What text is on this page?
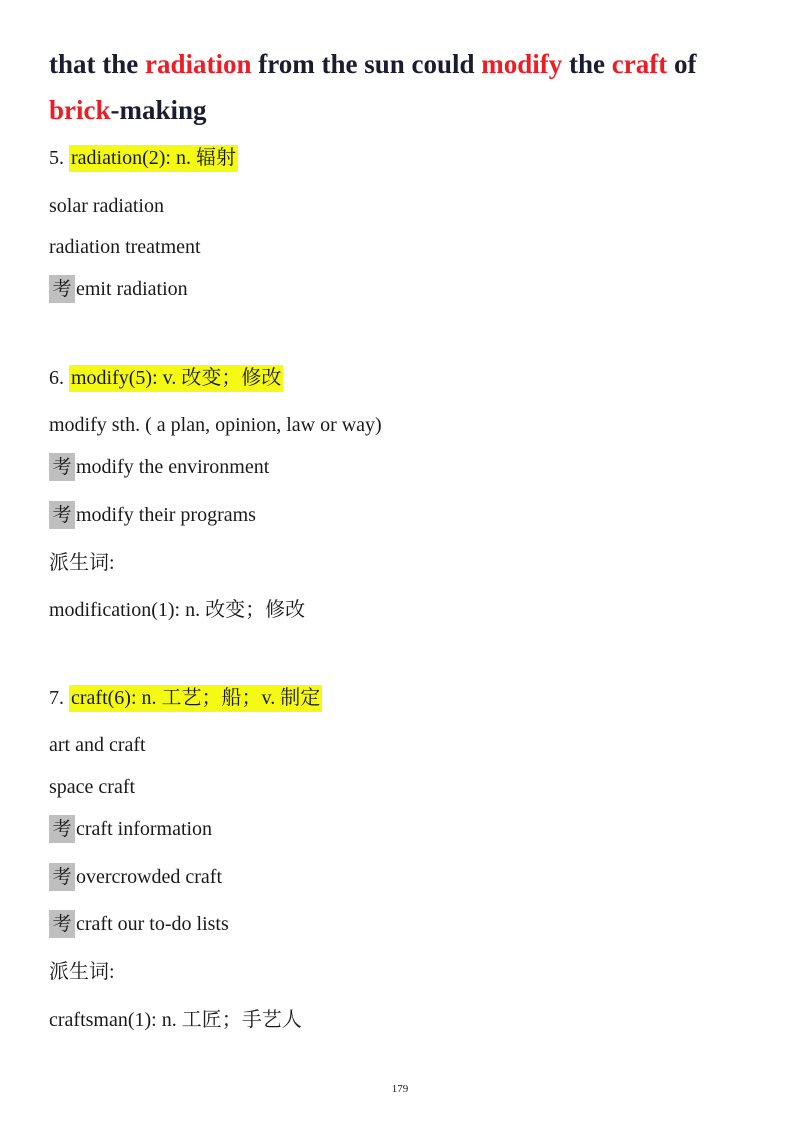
that the radiation from the sun could modify the craft of
brick-making
5. radiation(2): n. 辐射
solar radiation
radiation treatment
考 emit radiation
6. modify(5): v. 改变；修改
modify sth. ( a plan, opinion, law or way)
考 modify the environment
考 modify their programs
派生词:
modification(1): n. 改变；修改
7. craft(6): n. 工艺；船；v. 制定
art and craft
space craft
考 craft information
考 overcrowded craft
考 craft our to-do lists
派生词:
craftsman(1): n. 工匠；手艺人
179
